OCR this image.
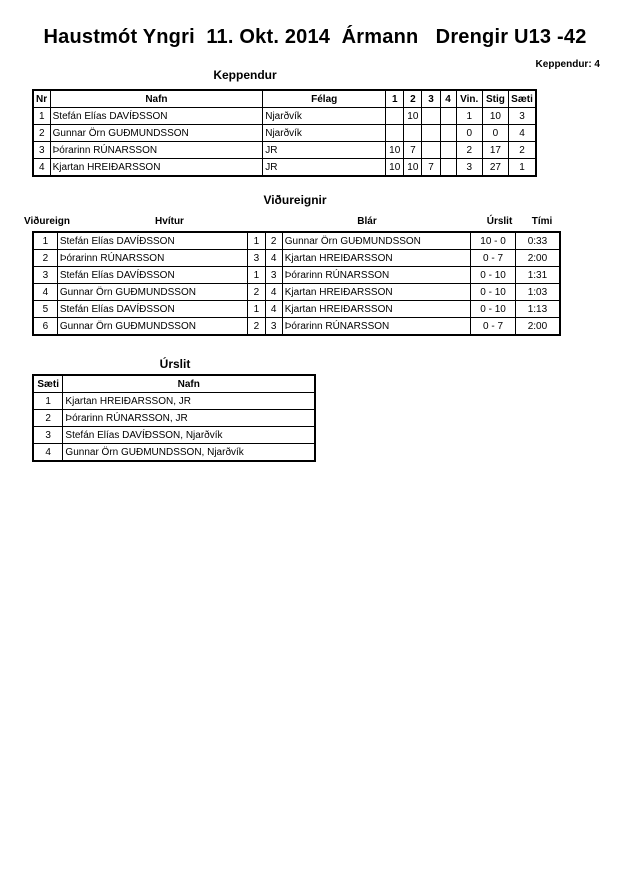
Haustmót Yngri  11. Okt. 2014  Ármann   Drengir U13 -42
Keppendur: 4
Keppendur
Nr	Nafn	Félag	1	2	3	4	Vin.	Stig	Sæti
1	Stefán Elías DAVÍÐSSON	Njarðvík		10			1	10	3
2	Gunnar Örn GUÐMUNDSSON	Njarðvík					0	0	4
3	Þórarinn RÚNARSSON	JR	10	7			2	17	2
4	Kjartan HREIÐARSSON	JR	10	10	7		3	27	1
Viðureignir
Viðureign	Hvítur	Blár	Úrslit	Tími
1	Stefán Elías DAVÍÐSSON	1	2	Gunnar Örn GUÐMUNDSSON	10 - 0	0:33
2	Þórarinn RÚNARSSON	3	4	Kjartan HREIÐARSSON	0 - 7	2:00
3	Stefán Elías DAVÍÐSSON	1	3	Þórarinn RÚNARSSON	0 - 10	1:31
4	Gunnar Örn GUÐMUNDSSON	2	4	Kjartan HREIÐARSSON	0 - 10	1:03
5	Stefán Elías DAVÍÐSSON	1	4	Kjartan HREIÐARSSON	0 - 10	1:13
6	Gunnar Örn GUÐMUNDSSON	2	3	Þórarinn RÚNARSSON	0 - 7	2:00
Úrslit
Sæti	Nafn
1	Kjartan HREIÐARSSON, JR
2	Þórarinn RÚNARSSON, JR
3	Stefán Elías DAVÍÐSSON, Njarðvík
4	Gunnar Örn GUÐMUNDSSON, Njarðvík
